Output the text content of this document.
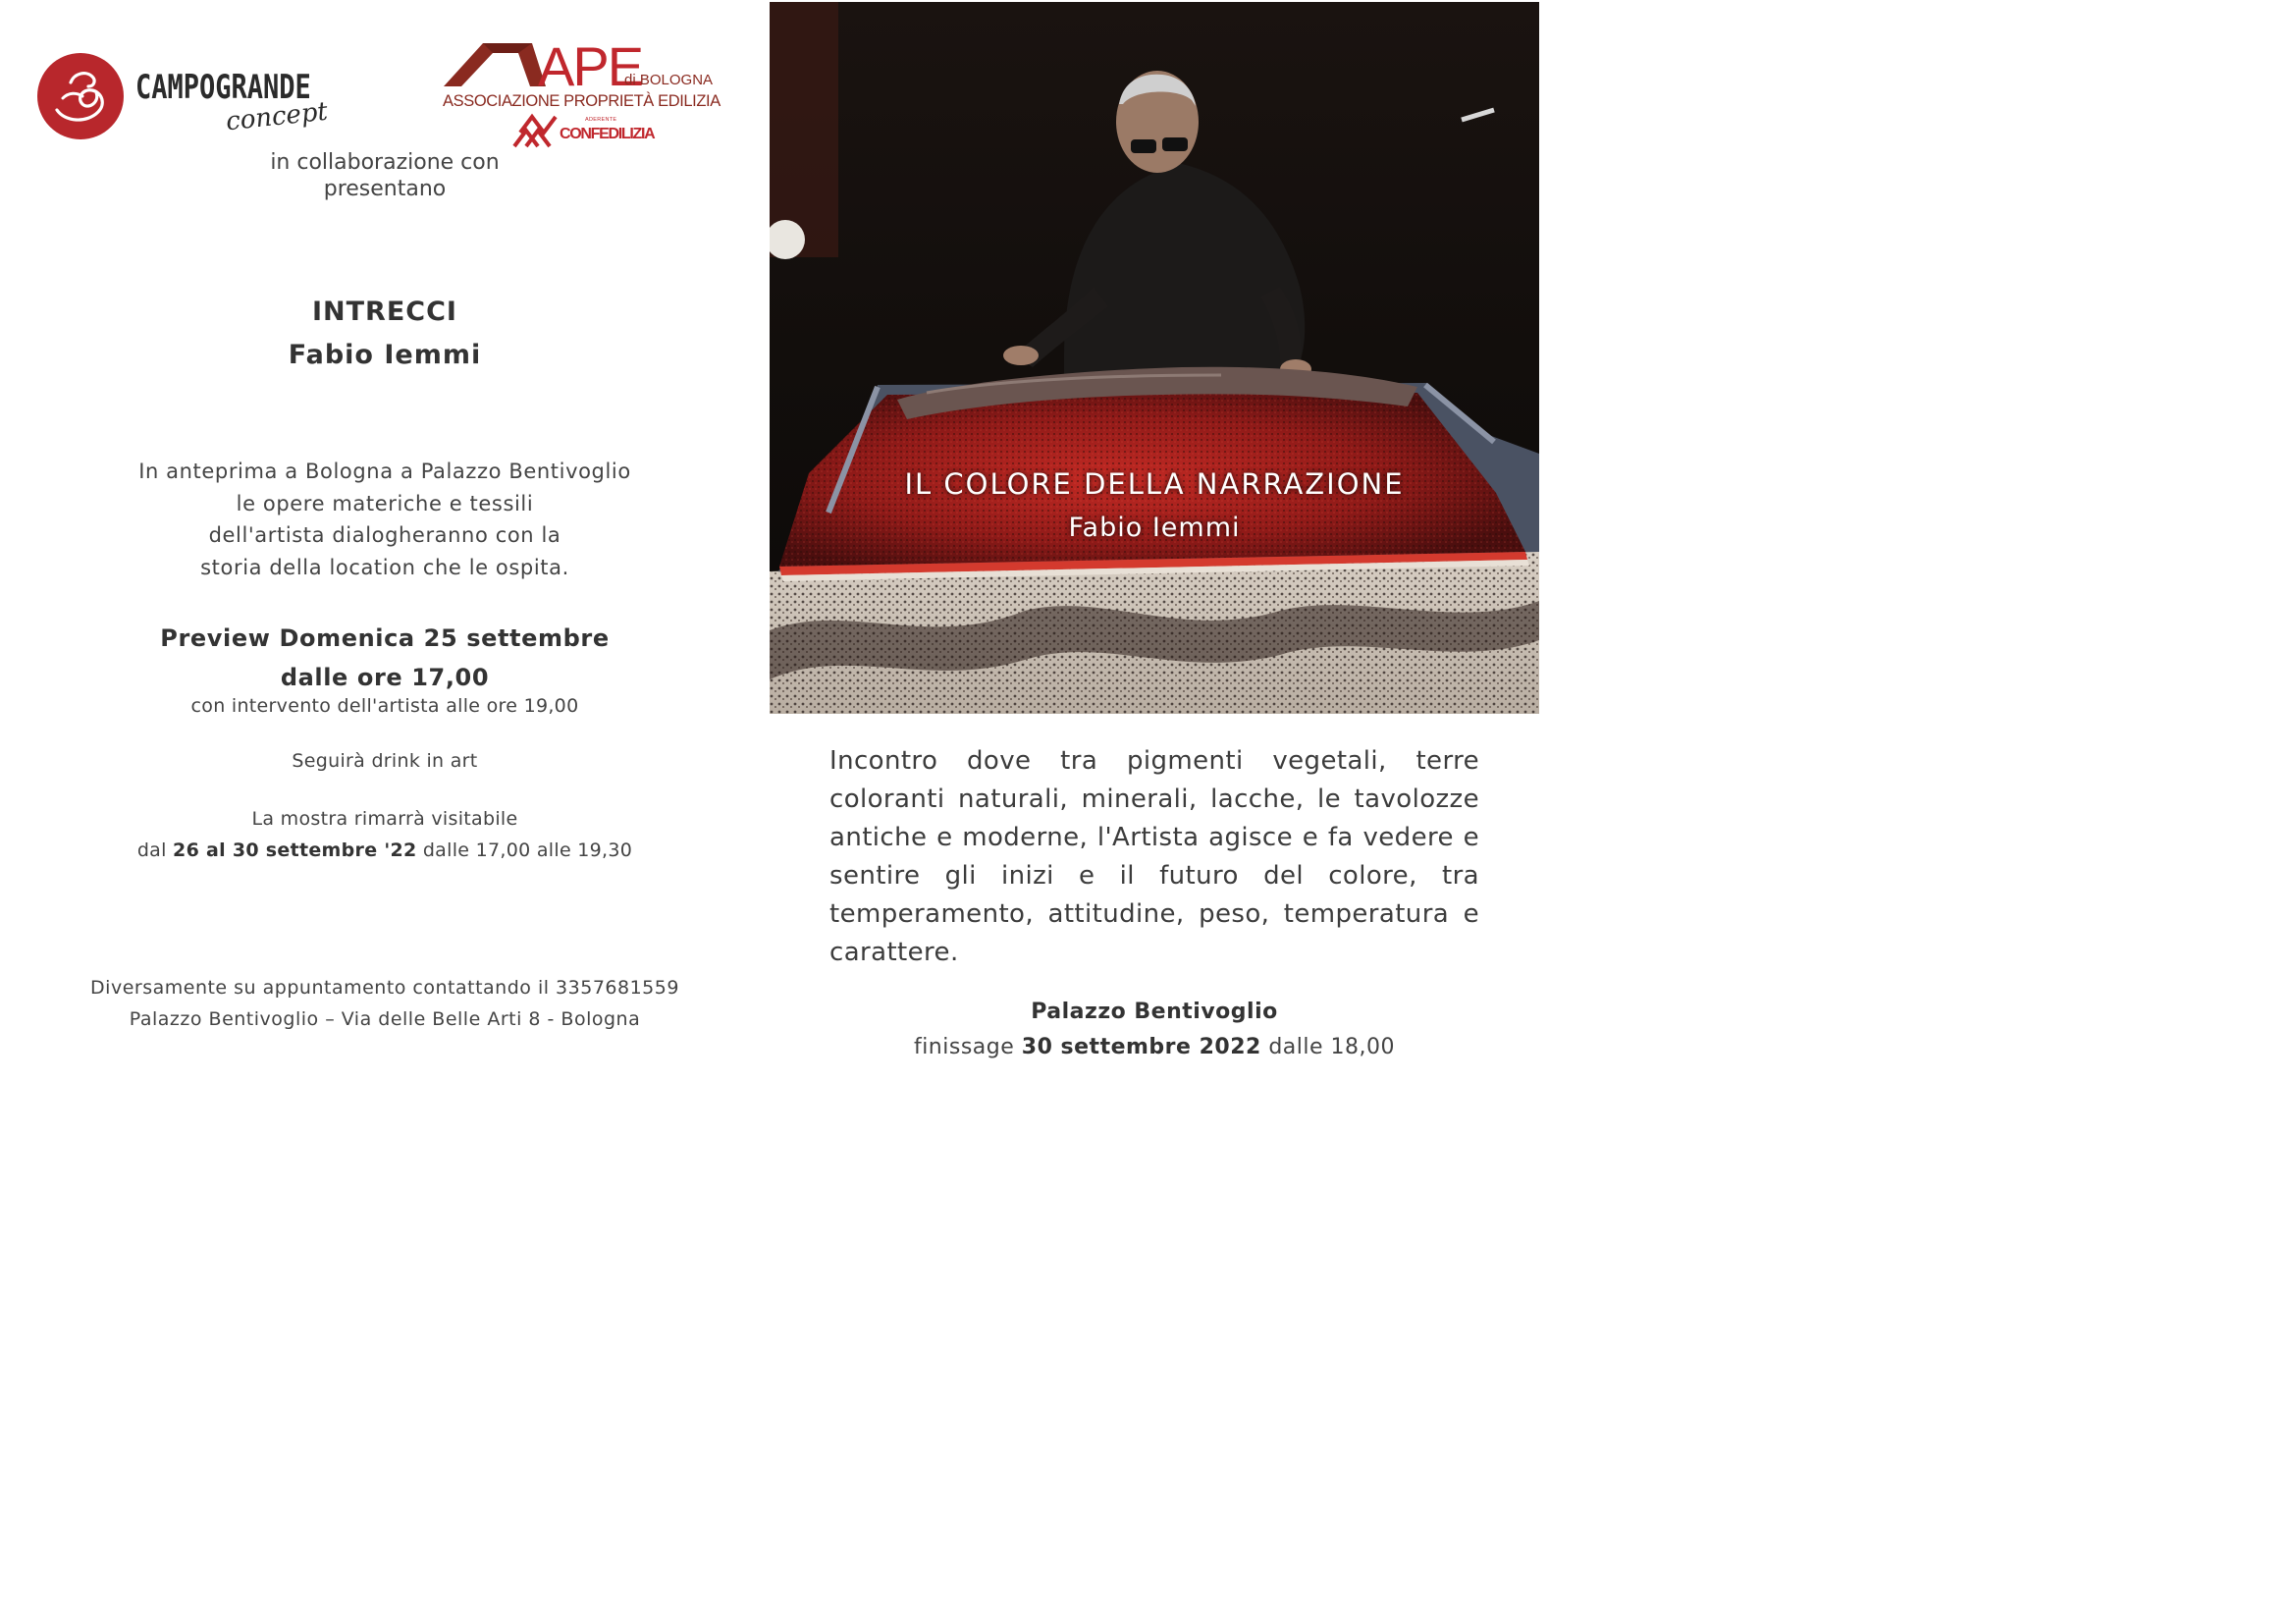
CAMPOGRANDE
concept
APE
di BOLOGNA
ASSOCIAZIONE PROPRIETÀ EDILIZIA
ADERENTE
CONFEDILIZIA
in collaborazione con
presentano
INTRECCI
Fabio Iemmi
In anteprima a Bologna a Palazzo Bentivoglio
le opere materiche e tessili
dell'artista dialogheranno con la
storia della location che le ospita.
Preview Domenica 25 settembre
dalle ore 17,00
con intervento dell'artista alle ore 19,00
Seguirà drink in art
La mostra rimarrà visitabile
dal 26 al 30 settembre '22 dalle 17,00 alle 19,30
Diversamente su appuntamento contattando il 3357681559
Palazzo Bentivoglio – Via delle Belle Arti 8 - Bologna
IL COLORE DELLA NARRAZIONE
Fabio Iemmi
Incontro dove tra pigmenti vegetali, terre coloranti naturali, minerali, lacche, le tavolozze antiche e moderne, l'Artista agisce e fa vedere e sentire gli inizi e il futuro del colore, tra temperamento, attitudine, peso, temperatura e carattere.
Palazzo Bentivoglio
finissage 30 settembre 2022 dalle 18,00
